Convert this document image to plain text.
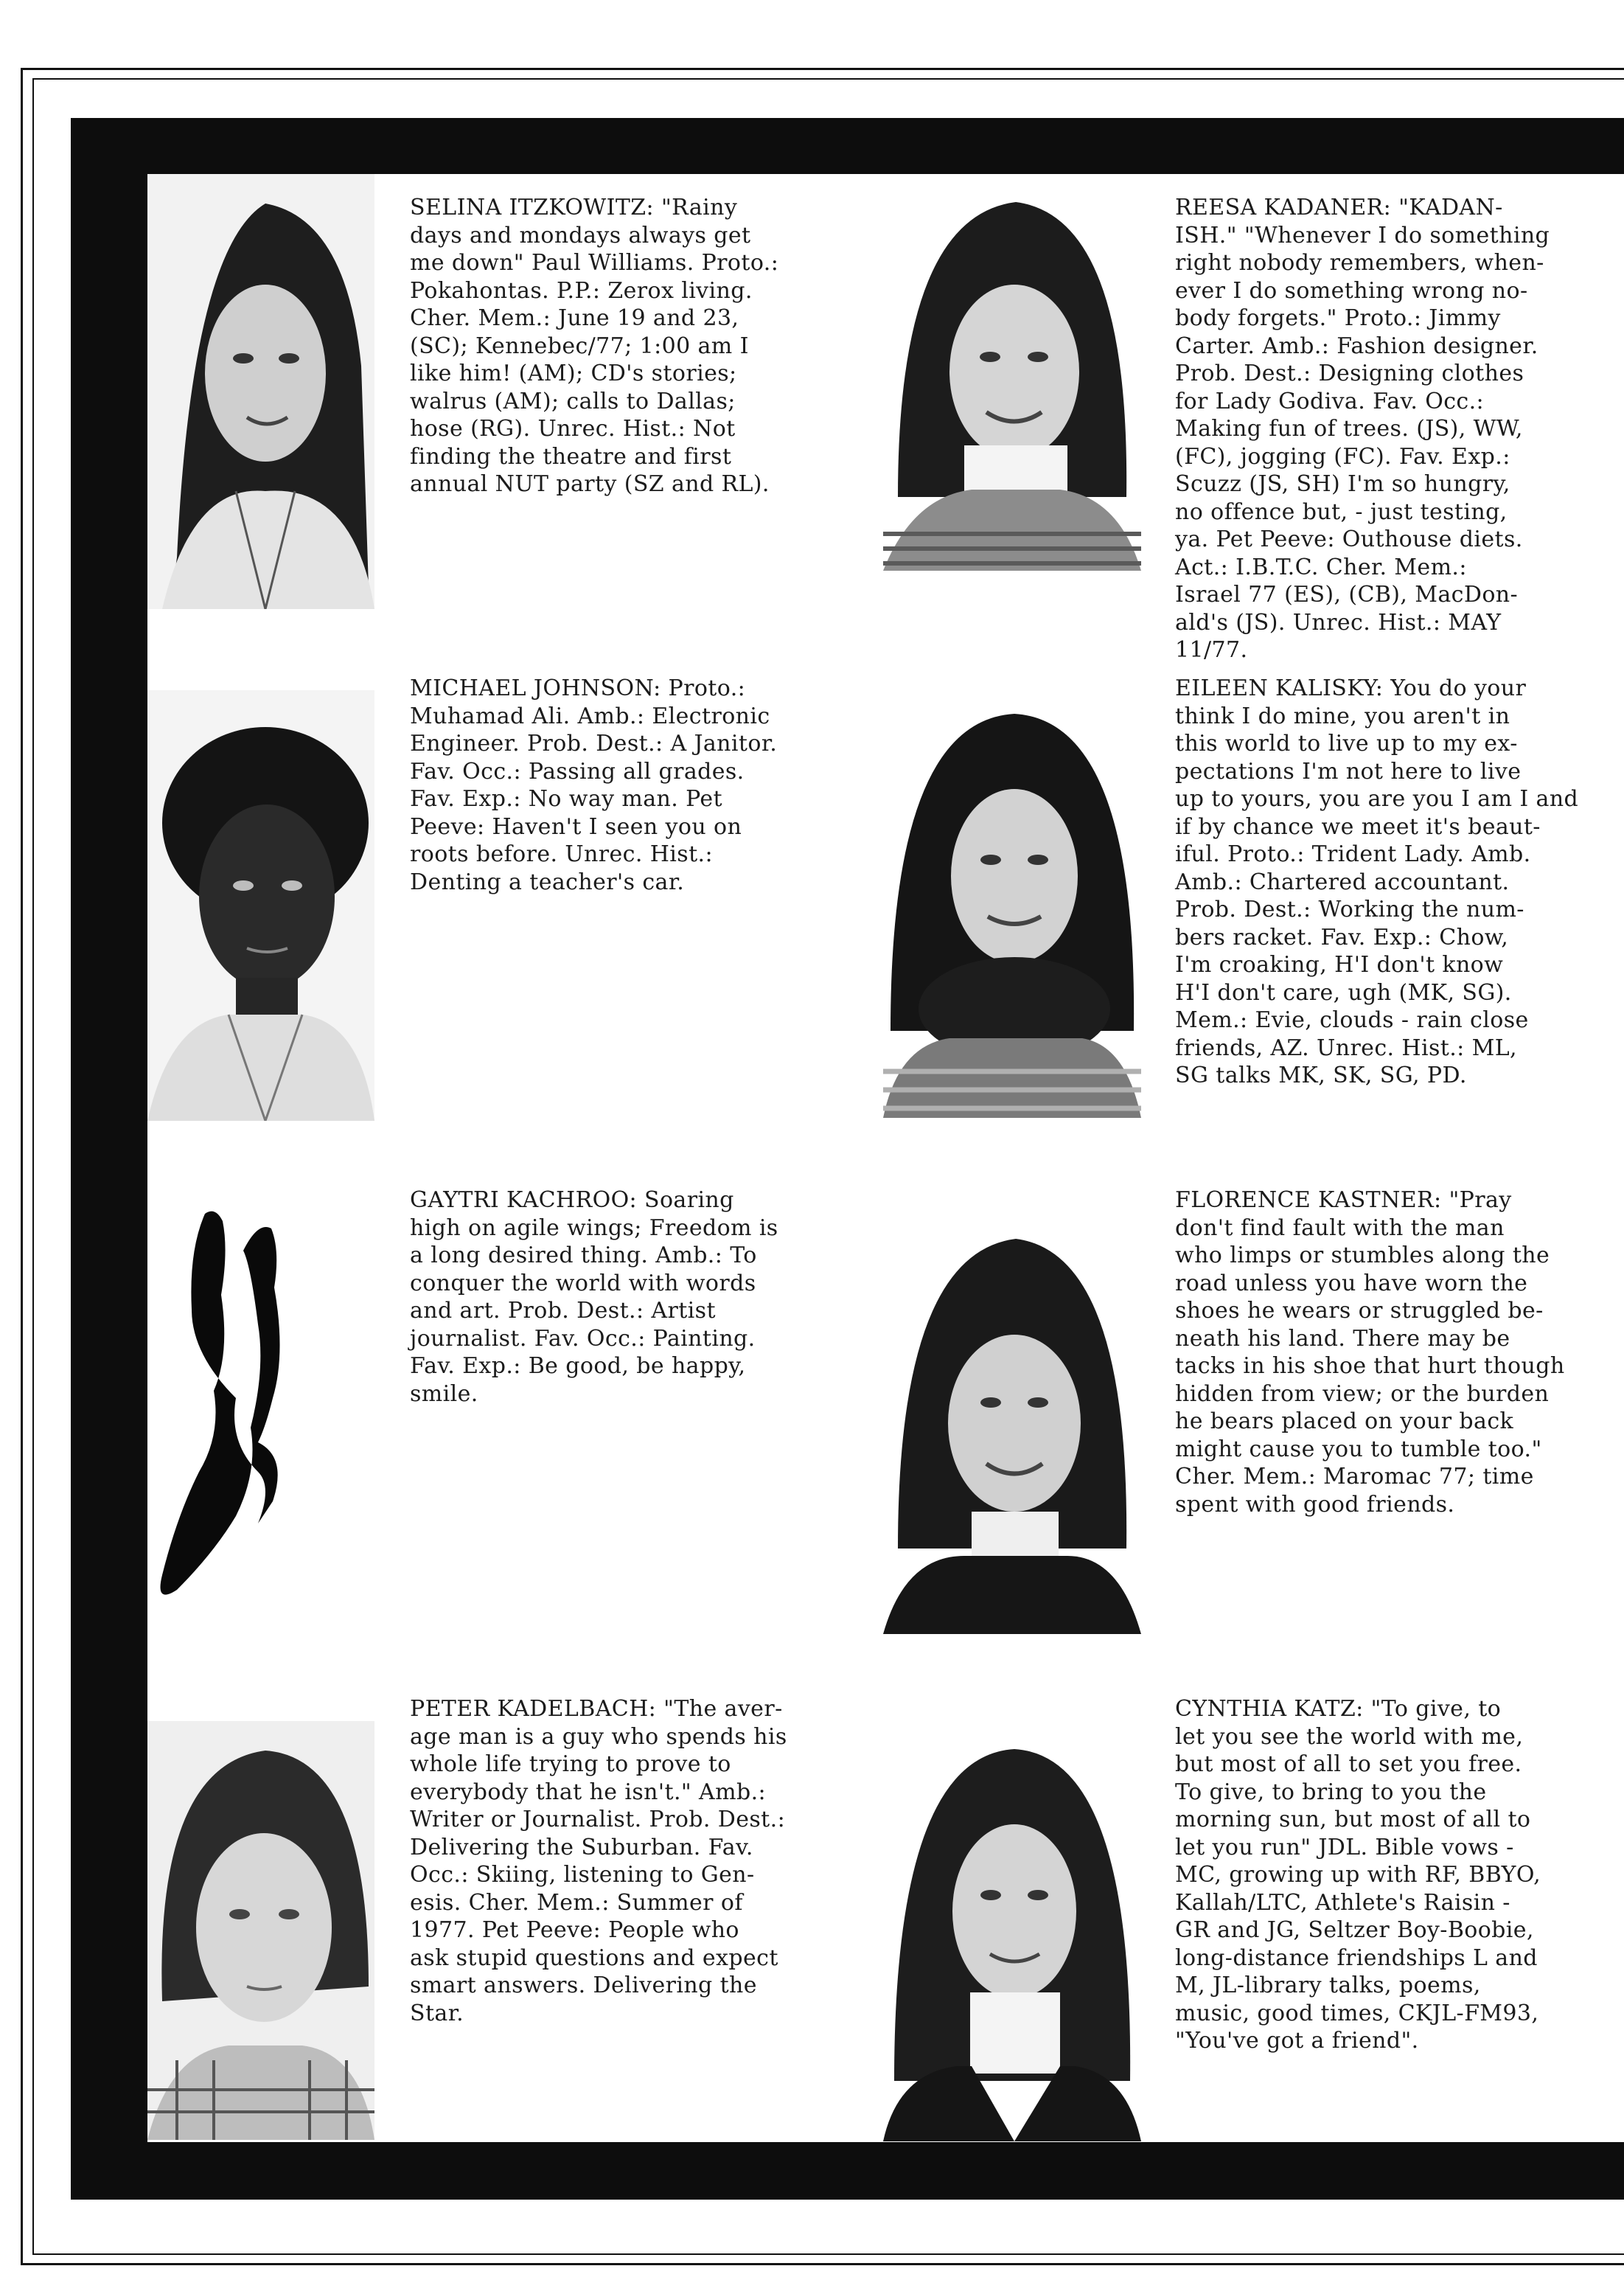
SELINA ITZKOWITZ: "Rainy
days and mondays always get
me down" Paul Williams. Proto.:
Pokahontas. P.P.: Zerox living.
Cher. Mem.: June 19 and 23,
(SC); Kennebec/77; 1:00 am I
like him! (AM); CD's stories;
walrus (AM); calls to Dallas;
hose (RG). Unrec. Hist.: Not
finding the theatre and first
annual NUT party (SZ and RL).
REESA KADANER: "KADAN-
ISH." "Whenever I do something
right nobody remembers, when-
ever I do something wrong no-
body forgets." Proto.: Jimmy
Carter. Amb.: Fashion designer.
Prob. Dest.: Designing clothes
for Lady Godiva. Fav. Occ.:
Making fun of trees. (JS), WW,
(FC), jogging (FC). Fav. Exp.:
Scuzz (JS, SH) I'm so hungry,
no offence but, - just testing,
ya. Pet Peeve: Outhouse diets.
Act.: I.B.T.C. Cher. Mem.:
Israel 77 (ES), (CB), MacDon-
ald's (JS). Unrec. Hist.: MAY
11/77.
MICHAEL JOHNSON: Proto.:
Muhamad Ali. Amb.: Electronic
Engineer. Prob. Dest.: A Janitor.
Fav. Occ.: Passing all grades.
Fav. Exp.: No way man. Pet
Peeve: Haven't I seen you on
roots before. Unrec. Hist.:
Denting a teacher's car.
EILEEN KALISKY: You do your
think I do mine, you aren't in
this world to live up to my ex-
pectations I'm not here to live
up to yours, you are you I am I and
if by chance we meet it's beaut-
iful. Proto.: Trident Lady. Amb.
Amb.: Chartered accountant.
Prob. Dest.: Working the num-
bers racket. Fav. Exp.: Chow,
I'm croaking, H'I don't know
H'I don't care, ugh (MK, SG).
Mem.: Evie, clouds - rain close
friends, AZ. Unrec. Hist.: ML,
SG talks MK, SK, SG, PD.
GAYTRI KACHROO: Soaring
high on agile wings; Freedom is
a long desired thing. Amb.: To
conquer the world with words
and art. Prob. Dest.: Artist
journalist. Fav. Occ.: Painting.
Fav. Exp.: Be good, be happy,
smile.
FLORENCE KASTNER: "Pray
don't find fault with the man
who limps or stumbles along the
road unless you have worn the
shoes he wears or struggled be-
neath his land. There may be
tacks in his shoe that hurt though
hidden from view; or the burden
he bears placed on your back
might cause you to tumble too."
Cher. Mem.: Maromac 77; time
spent with good friends.
PETER KADELBACH: "The aver-
age man is a guy who spends his
whole life trying to prove to
everybody that he isn't." Amb.:
Writer or Journalist. Prob. Dest.:
Delivering the Suburban. Fav.
Occ.: Skiing, listening to Gen-
esis. Cher. Mem.: Summer of
1977. Pet Peeve: People who
ask stupid questions and expect
smart answers. Delivering the
Star.
CYNTHIA KATZ: "To give, to
let you see the world with me,
but most of all to set you free.
To give, to bring to you the
morning sun, but most of all to
let you run" JDL. Bible vows -
MC, growing up with RF, BBYO,
Kallah/LTC, Athlete's Raisin -
GR and JG, Seltzer Boy-Boobie,
long-distance friendships L and
M, JL-library talks, poems,
music, good times, CKJL-FM93,
"You've got a friend".
